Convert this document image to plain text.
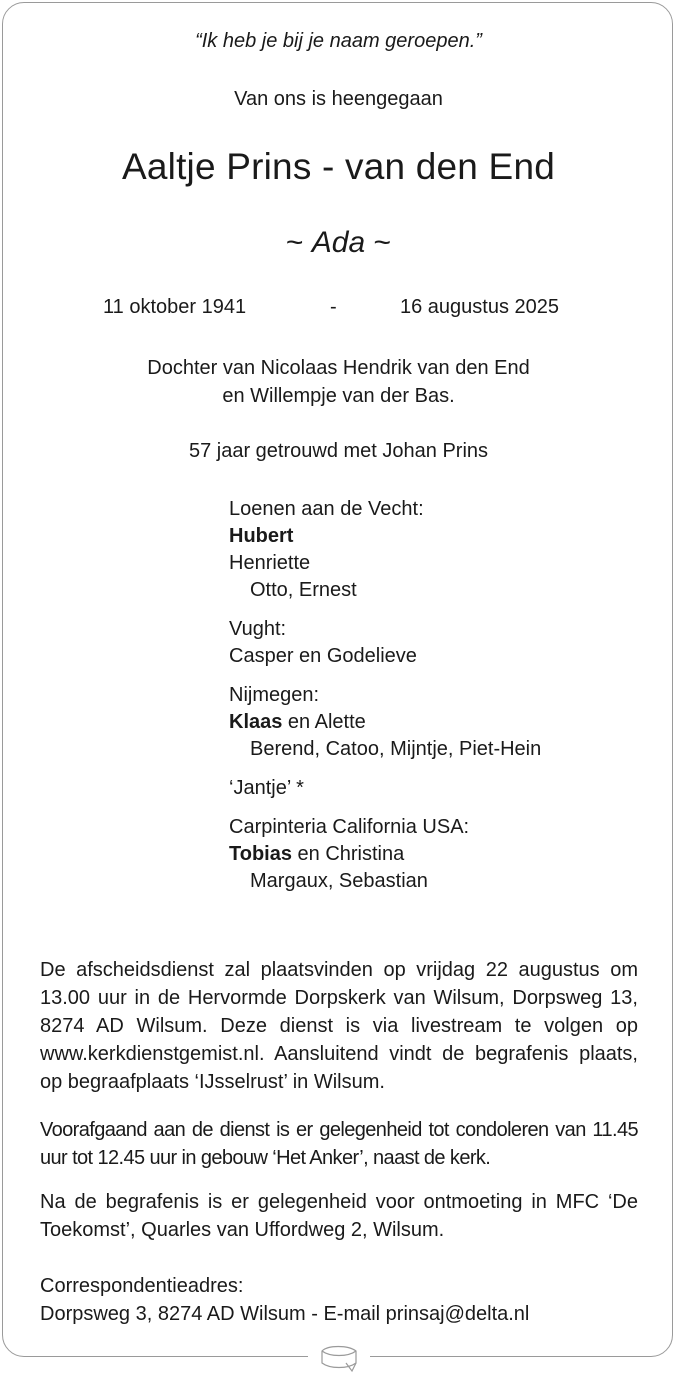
“Ik heb je bij je naam geroepen.”
Van ons is heengegaan
Aaltje Prins - van den End
~ Ada ~
11 oktober 1941	-	16 augustus 2025
Dochter van Nicolaas Hendrik van den End
en Willempje van der Bas.
57 jaar getrouwd met Johan Prins
Loenen aan de Vecht:
Hubert
Henriette
Otto, Ernest
Vught:
Casper en Godelieve
Nijmegen:
Klaas en Alette
Berend, Catoo, Mijntje, Piet-Hein
‘Jantje’ *
Carpinteria California USA:
Tobias en Christina
Margaux, Sebastian
De afscheidsdienst zal plaatsvinden op vrijdag 22 augustus om 13.00 uur in de Hervormde Dorpskerk van Wilsum, Dorpsweg 13, 8274 AD Wilsum. Deze dienst is via livestream te volgen op www.kerkdienstgemist.nl. Aansluitend vindt de begrafenis plaats, op begraafplaats ‘IJsselrust’ in Wilsum.
Voorafgaand aan de dienst is er gelegenheid tot condoleren van 11.45 uur tot 12.45 uur in gebouw ‘Het Anker’, naast de kerk.
Na de begrafenis is er gelegenheid voor ontmoeting in MFC ‘De Toekomst’, Quarles van Uffordweg 2, Wilsum.
Correspondentieadres:
Dorpsweg 3, 8274 AD Wilsum - E-mail prinsaj@delta.nl
